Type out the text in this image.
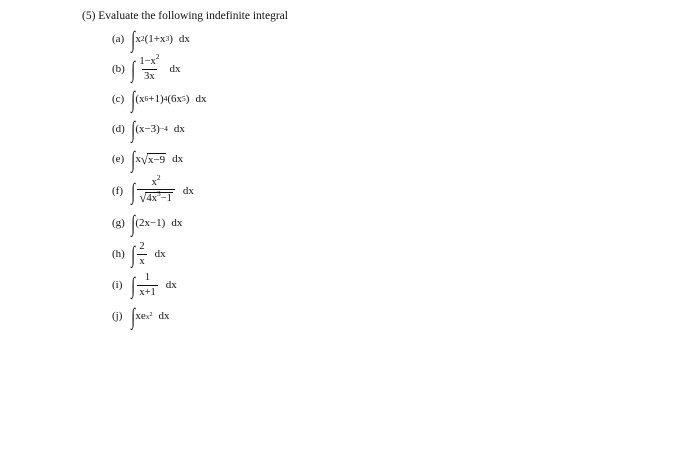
(5) Evaluate the following indefinite integral
(a) ∫ x 2 (1+x 3 ) dx
(b) ∫ $\frac{1-x^2}{3x}$ dx
(c) ∫ (x 6 +1) 4 (6x 5 ) dx
(d) ∫ (x−3) −4 dx
(e) ∫ x √ x−9 dx
(f) ∫ $\frac{x^2}{√ 4x^3-1}$ dx
(g) ∫ (2x−1) dx
(h) ∫ $\frac{2}{x}$ dx
(i) ∫ $\frac{1}{x+1}$ dx
(j) ∫ xe $x^2$ dx
